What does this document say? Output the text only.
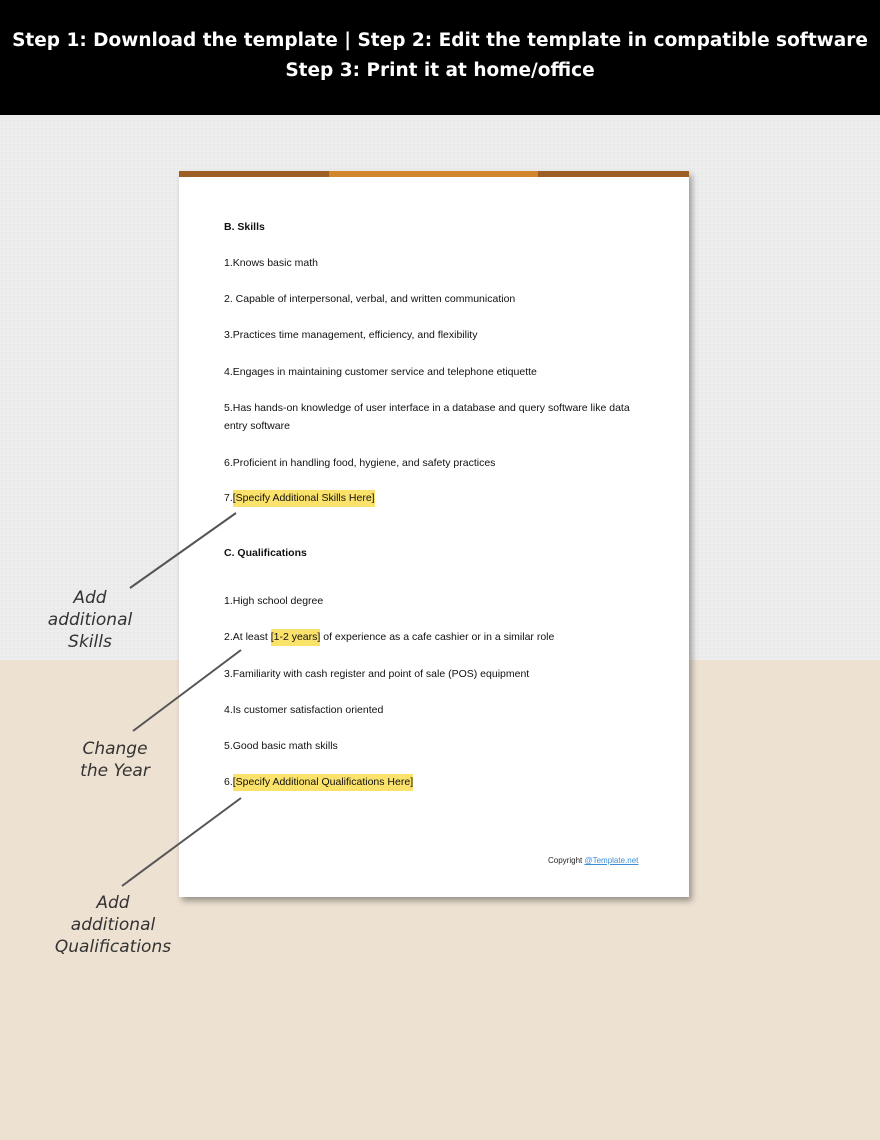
Step 1: Download the template | Step 2: Edit the template in compatible software
Step 3: Print it at home/office
B. Skills
1.Knows basic math
2. Capable of interpersonal, verbal, and written communication
3.Practices time management, efficiency, and flexibility
4.Engages in maintaining customer service and telephone etiquette
5.Has hands-on knowledge of user interface in a database and query software like data
entry software
6.Proficient in handling food, hygiene, and safety practices
7.[Specify Additional Skills Here]
C. Qualifications
1.High school degree
2.At least [1-2 years] of experience as a cafe cashier or in a similar role
3.Familiarity with cash register and point of sale (POS) equipment
4.Is customer satisfaction oriented
5.Good basic math skills
6.[Specify Additional Qualifications Here]
Copyright @Template.net
Add
additional
Skills
Change
the Year
Add
additional
Qualifications
